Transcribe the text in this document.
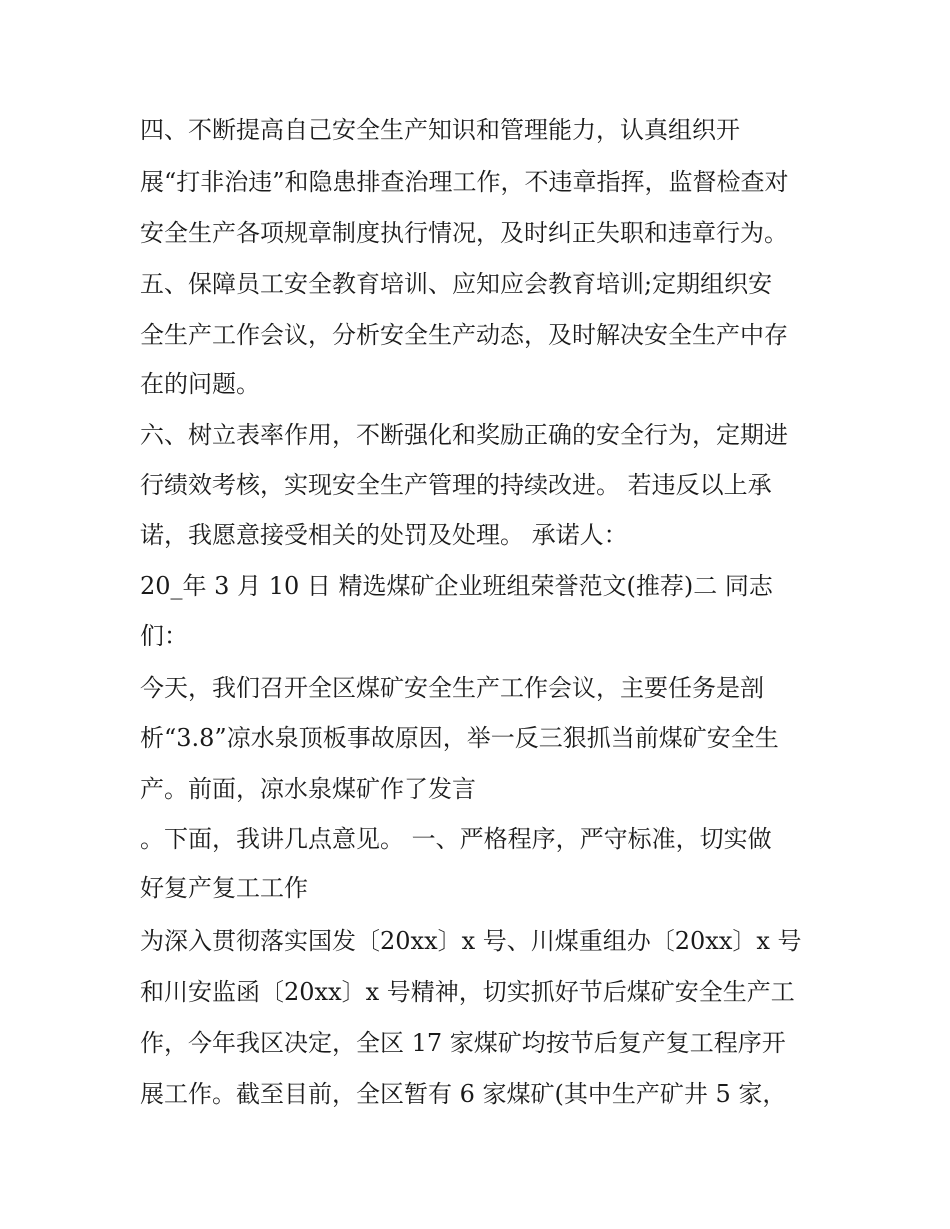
四、不断提高自己安全生产知识和管理能力，认真组织开
展“打非治违”和隐患排查治理工作，不违章指挥，监督检查对
安全生产各项规章制度执行情况，及时纠正失职和违章行为。
五、保障员工安全教育培训、应知应会教育培训;定期组织安
全生产工作会议，分析安全生产动态，及时解决安全生产中存
在的问题。
六、树立表率作用，不断强化和奖励正确的安全行为，定期进
行绩效考核，实现安全生产管理的持续改进。 若违反以上承
诺，我愿意接受相关的处罚及处理。 承诺人：
20_年 3 月 10 日 精选煤矿企业班组荣誉范文(推荐)二 同志
们：
今天，我们召开全区煤矿安全生产工作会议，主要任务是剖
析“3.8”凉水泉顶板事故原因，举一反三狠抓当前煤矿安全生
产。前面，凉水泉煤矿作了发言
。下面，我讲几点意见。 一、严格程序，严守标准，切实做
好复产复工工作
为深入贯彻落实国发〔20xx〕x 号、川煤重组办〔20xx〕x 号
和川安监函〔20xx〕x 号精神，切实抓好节后煤矿安全生产工
作，今年我区决定，全区 17 家煤矿均按节后复产复工程序开
展工作。截至目前，全区暂有 6 家煤矿(其中生产矿井 5 家，
